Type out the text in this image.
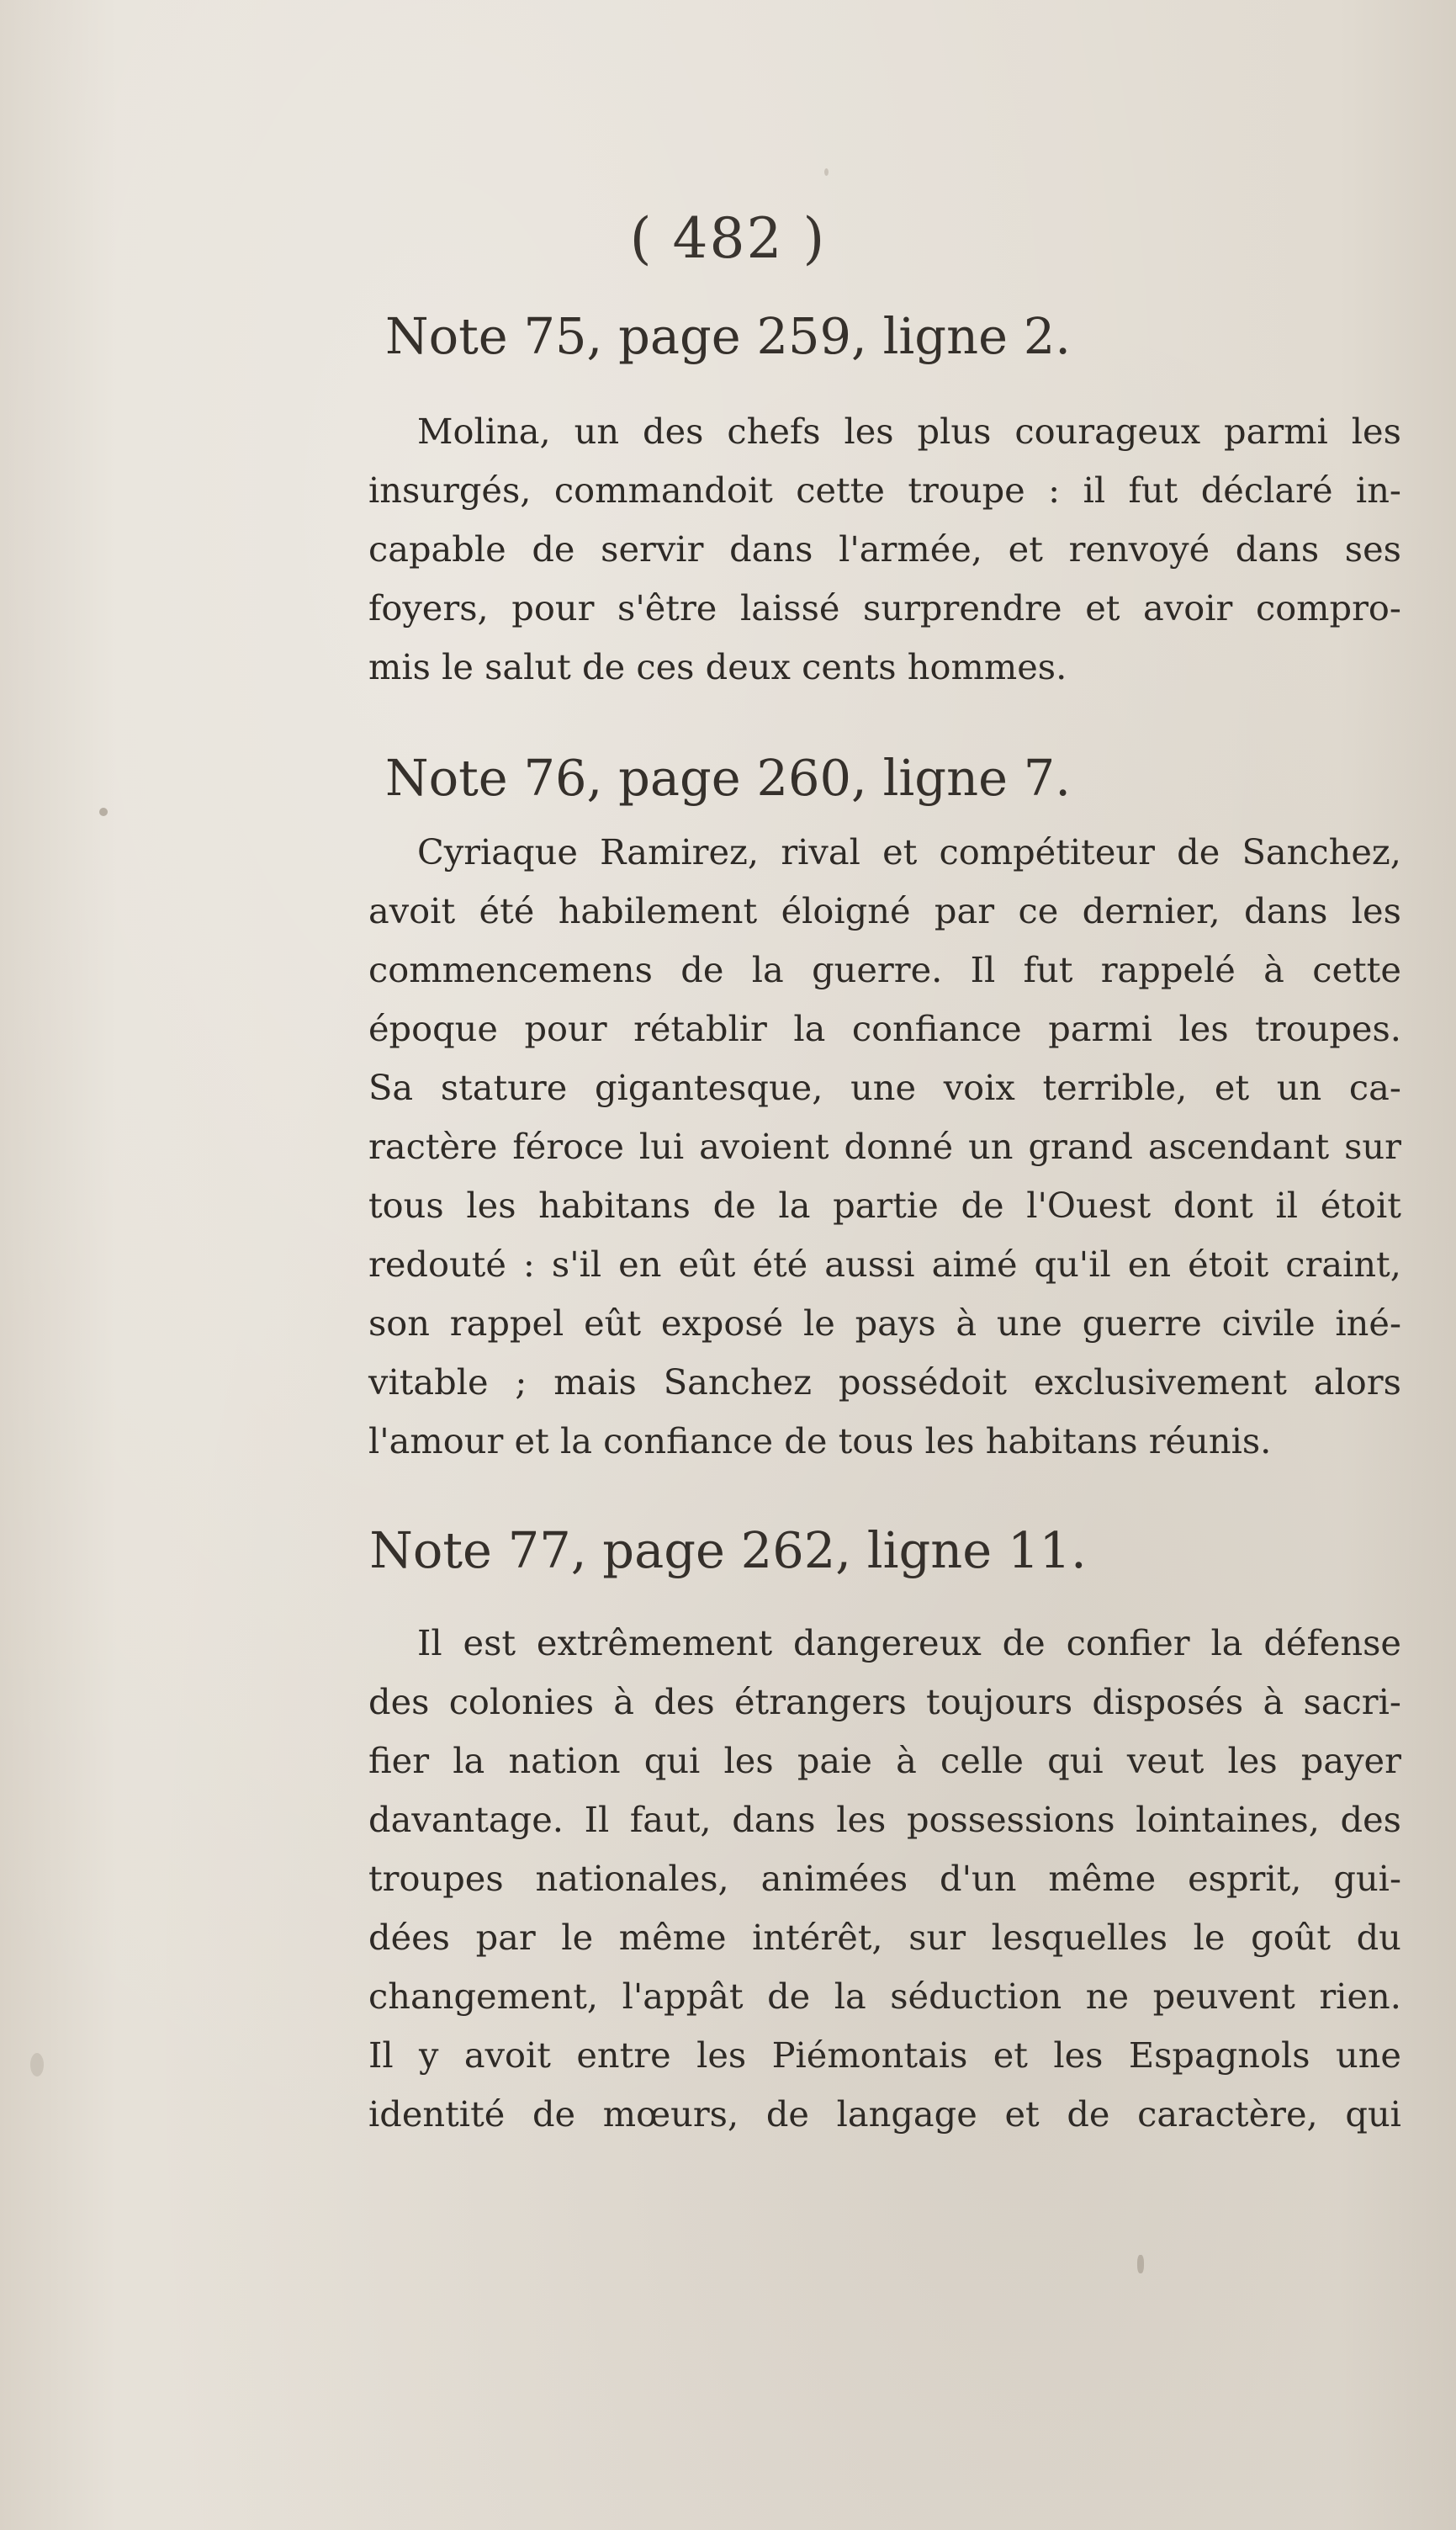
( 482 )

Note 75, page 259, ligne 2.
Molina, un des chefs les plus courageux parmi les
insurgés, commandoit cette troupe : il fut déclaré in-
capable de servir dans l'armée, et renvoyé dans ses
foyers, pour s'être laissé surprendre et avoir compro-
mis le salut de ces deux cents hommes.
Note 76, page 260, ligne 7.
Cyriaque Ramirez, rival et compétiteur de Sanchez,
avoit été habilement éloigné par ce dernier, dans les
commencemens de la guerre. Il fut rappelé à cette
époque pour rétablir la confiance parmi les troupes.
Sa stature gigantesque, une voix terrible, et un ca-
ractère féroce lui avoient donné un grand ascendant sur
tous les habitans de la partie de l'Ouest dont il étoit
redouté : s'il en eût été aussi aimé qu'il en étoit craint,
son rappel eût exposé le pays à une guerre civile iné-
vitable ; mais Sanchez possédoit exclusivement alors
l'amour et la confiance de tous les habitans réunis.
Note 77, page 262, ligne 11.
Il est extrêmement dangereux de confier la défense
des colonies à des étrangers toujours disposés à sacri-
fier la nation qui les paie à celle qui veut les payer
davantage. Il faut, dans les possessions lointaines, des
troupes nationales, animées d'un même esprit, gui-
dées par le même intérêt, sur lesquelles le goût du
changement, l'appât de la séduction ne peuvent rien.
Il y avoit entre les Piémontais et les Espagnols une
identité de mœurs, de langage et de caractère, qui
